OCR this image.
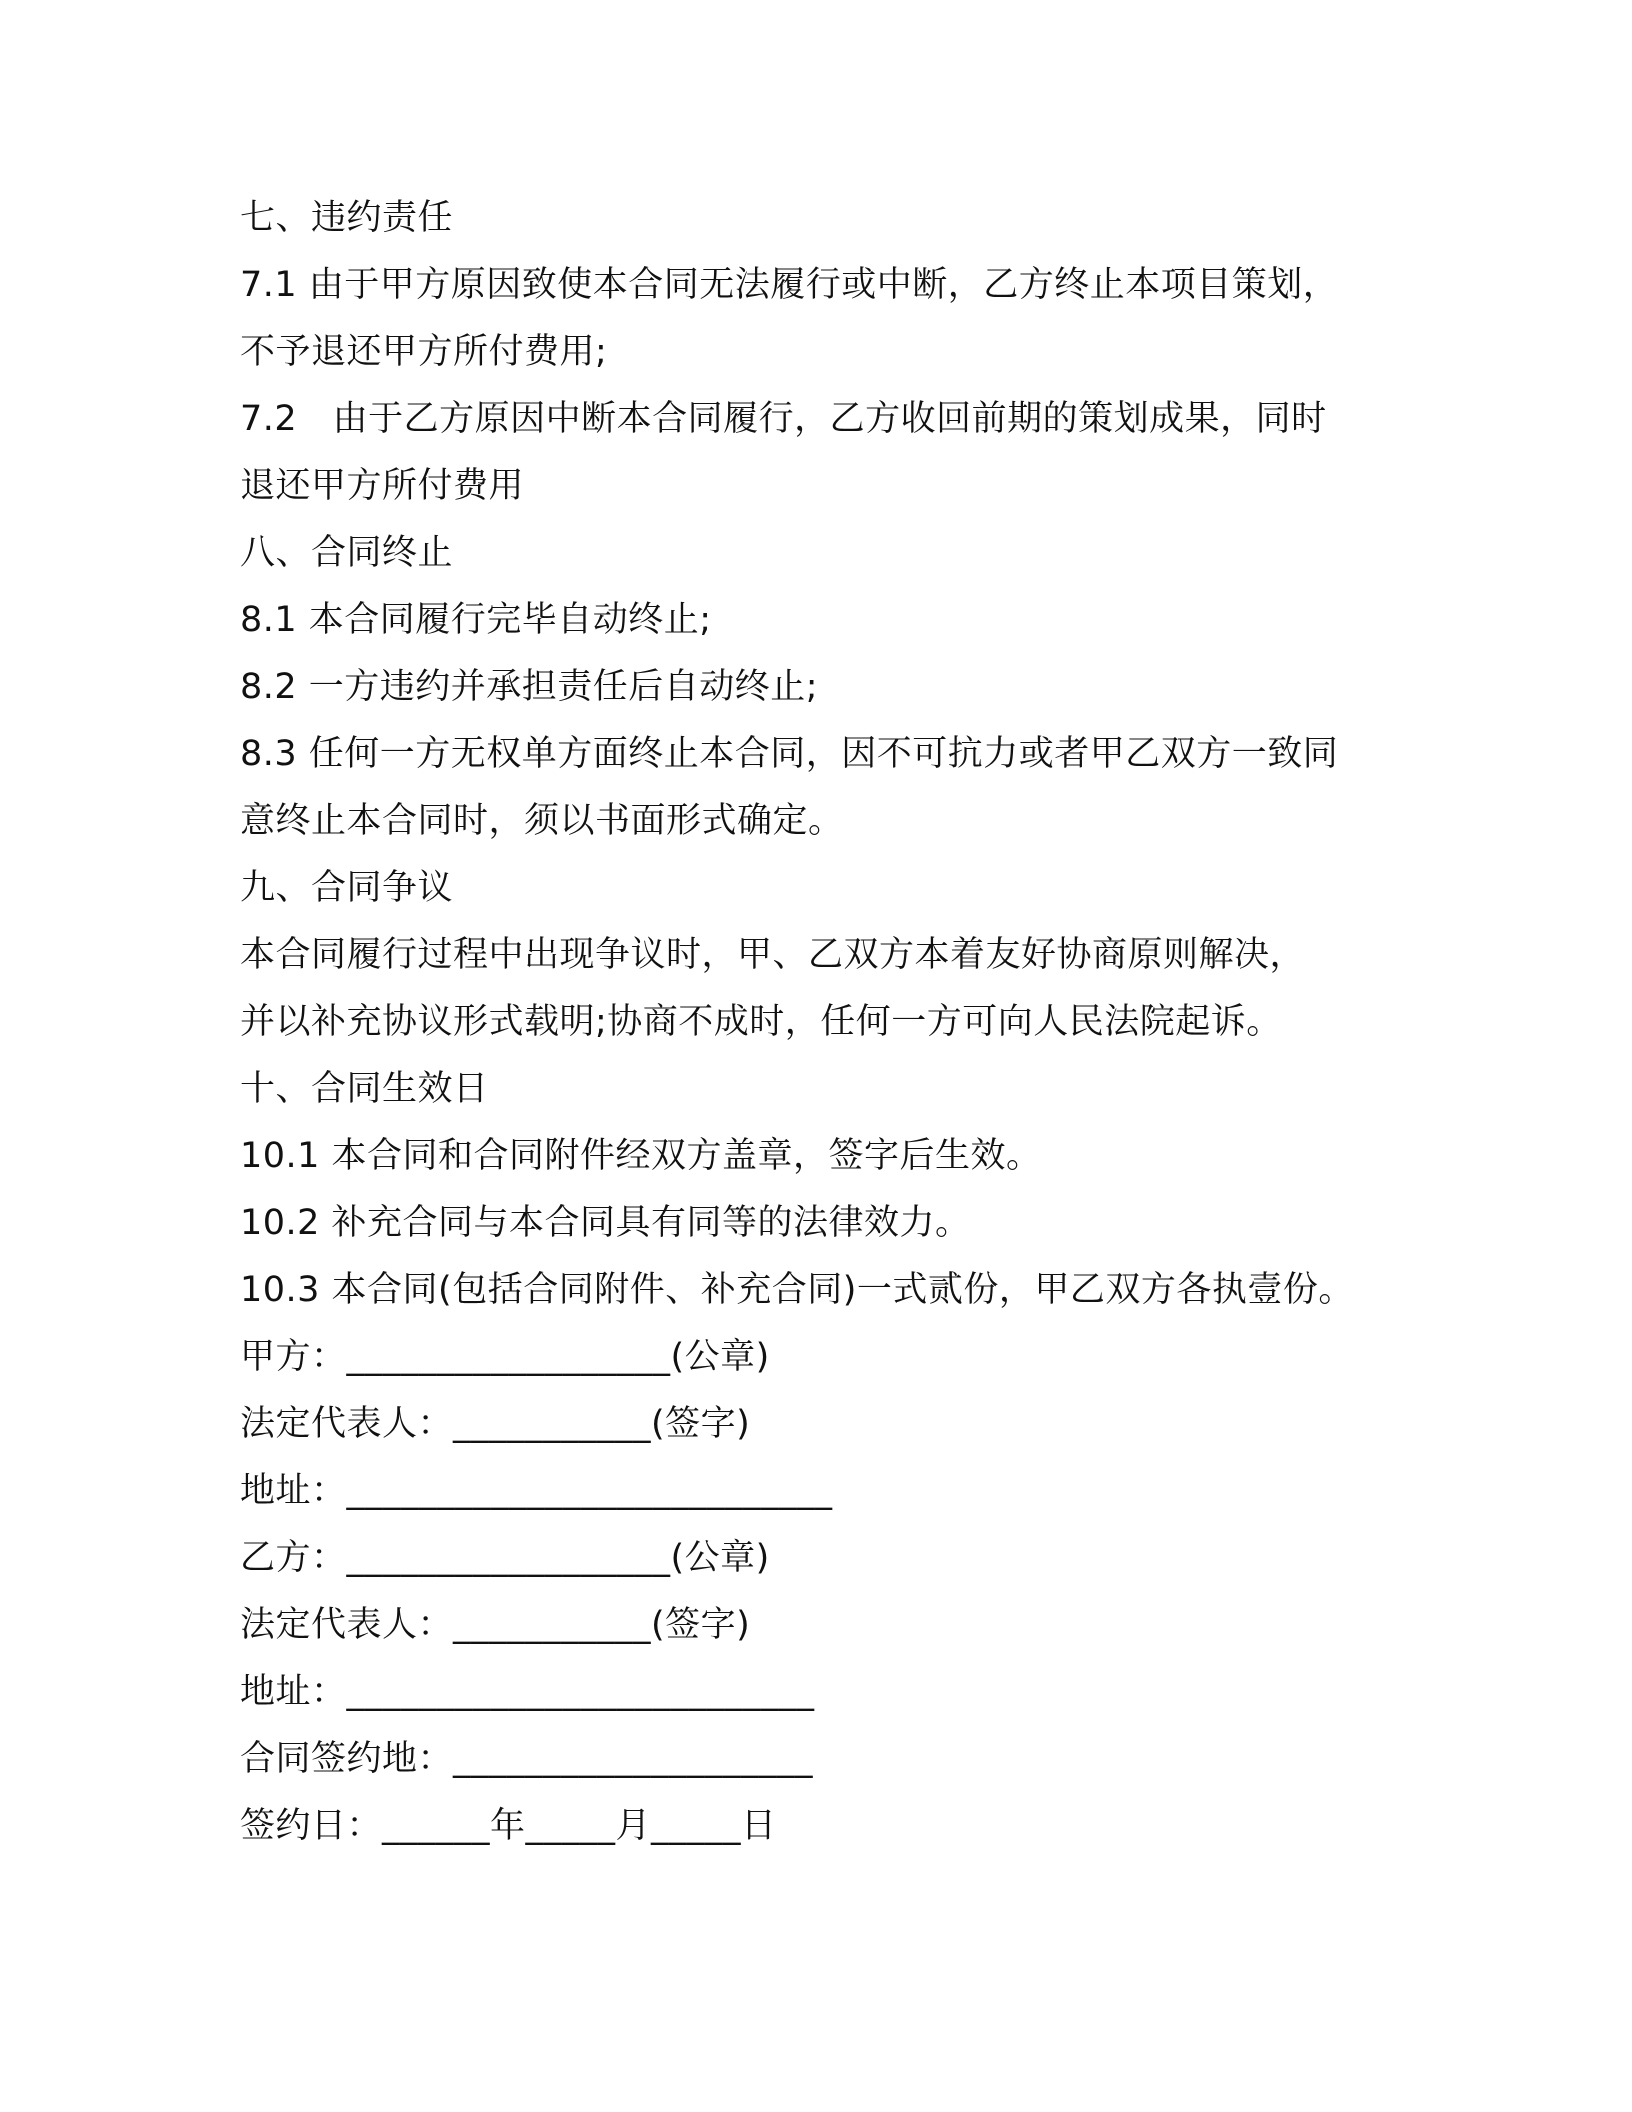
七、违约责任
7.1 由于甲方原因致使本合同无法履行或中断，乙方终止本项目策划，
不予退还甲方所付费用;
7.2　由于乙方原因中断本合同履行，乙方收回前期的策划成果，同时
退还甲方所付费用
八、合同终止
8.1 本合同履行完毕自动终止;
8.2 一方违约并承担责任后自动终止;
8.3 任何一方无权单方面终止本合同，因不可抗力或者甲乙双方一致同
意终止本合同时，须以书面形式确定。
九、合同争议
本合同履行过程中出现争议时，甲、乙双方本着友好协商原则解决，
并以补充协议形式载明;协商不成时，任何一方可向人民法院起诉。
十、合同生效日
10.1 本合同和合同附件经双方盖章，签字后生效。
10.2 补充合同与本合同具有同等的法律效力。
10.3 本合同(包括合同附件、补充合同)一式贰份，甲乙双方各执壹份。
甲方：__________________(公章)
法定代表人：___________(签字)
地址：___________________________
乙方：__________________(公章)
法定代表人：___________(签字)
地址：__________________________
合同签约地：____________________
签约日：______年_____月_____日
